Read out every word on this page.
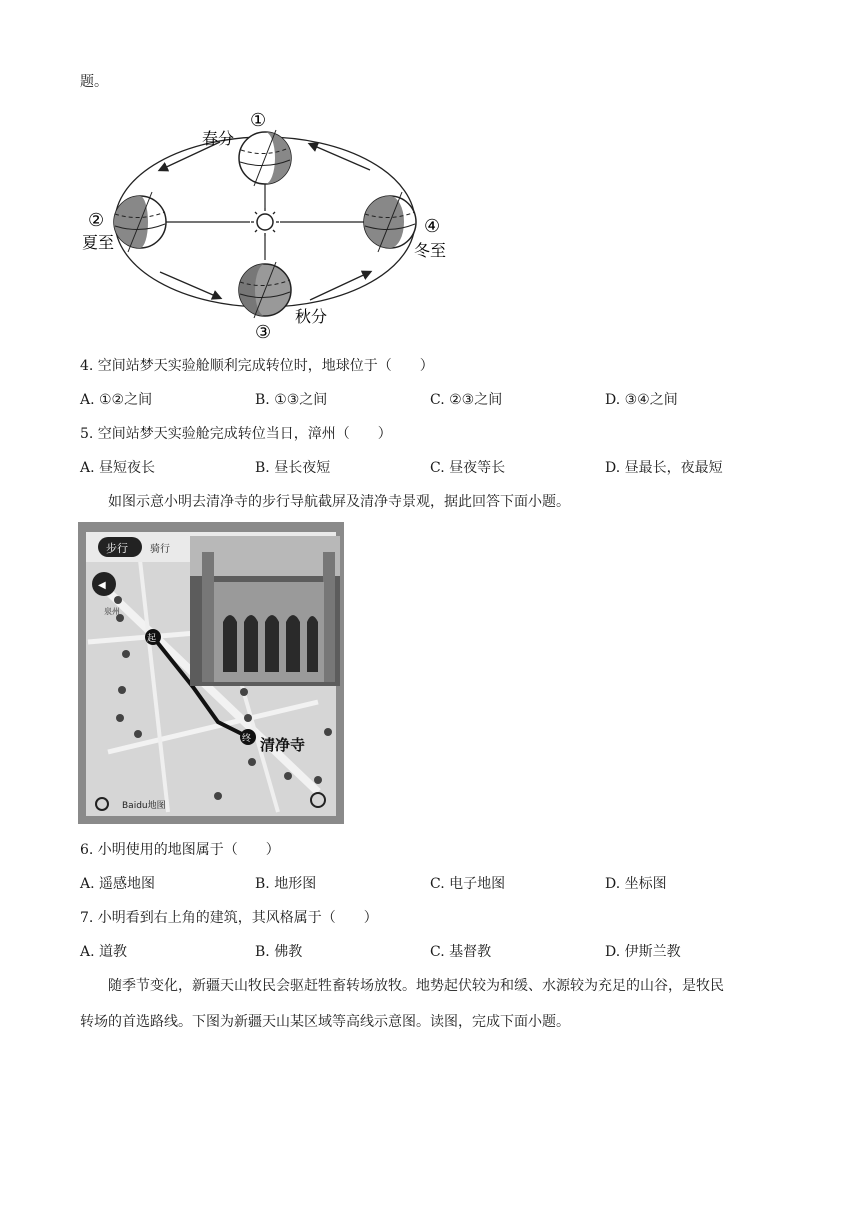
题。
春分
①
②
夏至
③
秋分
④
冬至
4. 空间站梦天实验舱顺利完成转位时，地球位于（　　）
A. ①②之间	B. ①③之间	C. ②③之间	D. ③④之间
5. 空间站梦天实验舱完成转位当日，漳州（　　）
A. 昼短夜长	B. 昼长夜短	C. 昼夜等长	D. 昼最长，夜最短
如图示意小明去清净寺的步行导航截屏及清净寺景观，据此回答下面小题。
步行 骑行
◀
泉州
起
终 清净寺
Baidu地图
6. 小明使用的地图属于（　　）
A. 遥感地图	B. 地形图	C. 电子地图	D. 坐标图
7. 小明看到右上角的建筑，其风格属于（　　）
A. 道教	B. 佛教	C. 基督教	D. 伊斯兰教
随季节变化，新疆天山牧民会驱赶牲畜转场放牧。地势起伏较为和缓、水源较为充足的山谷，是牧民
转场的首选路线。下图为新疆天山某区域等高线示意图。读图，完成下面小题。
